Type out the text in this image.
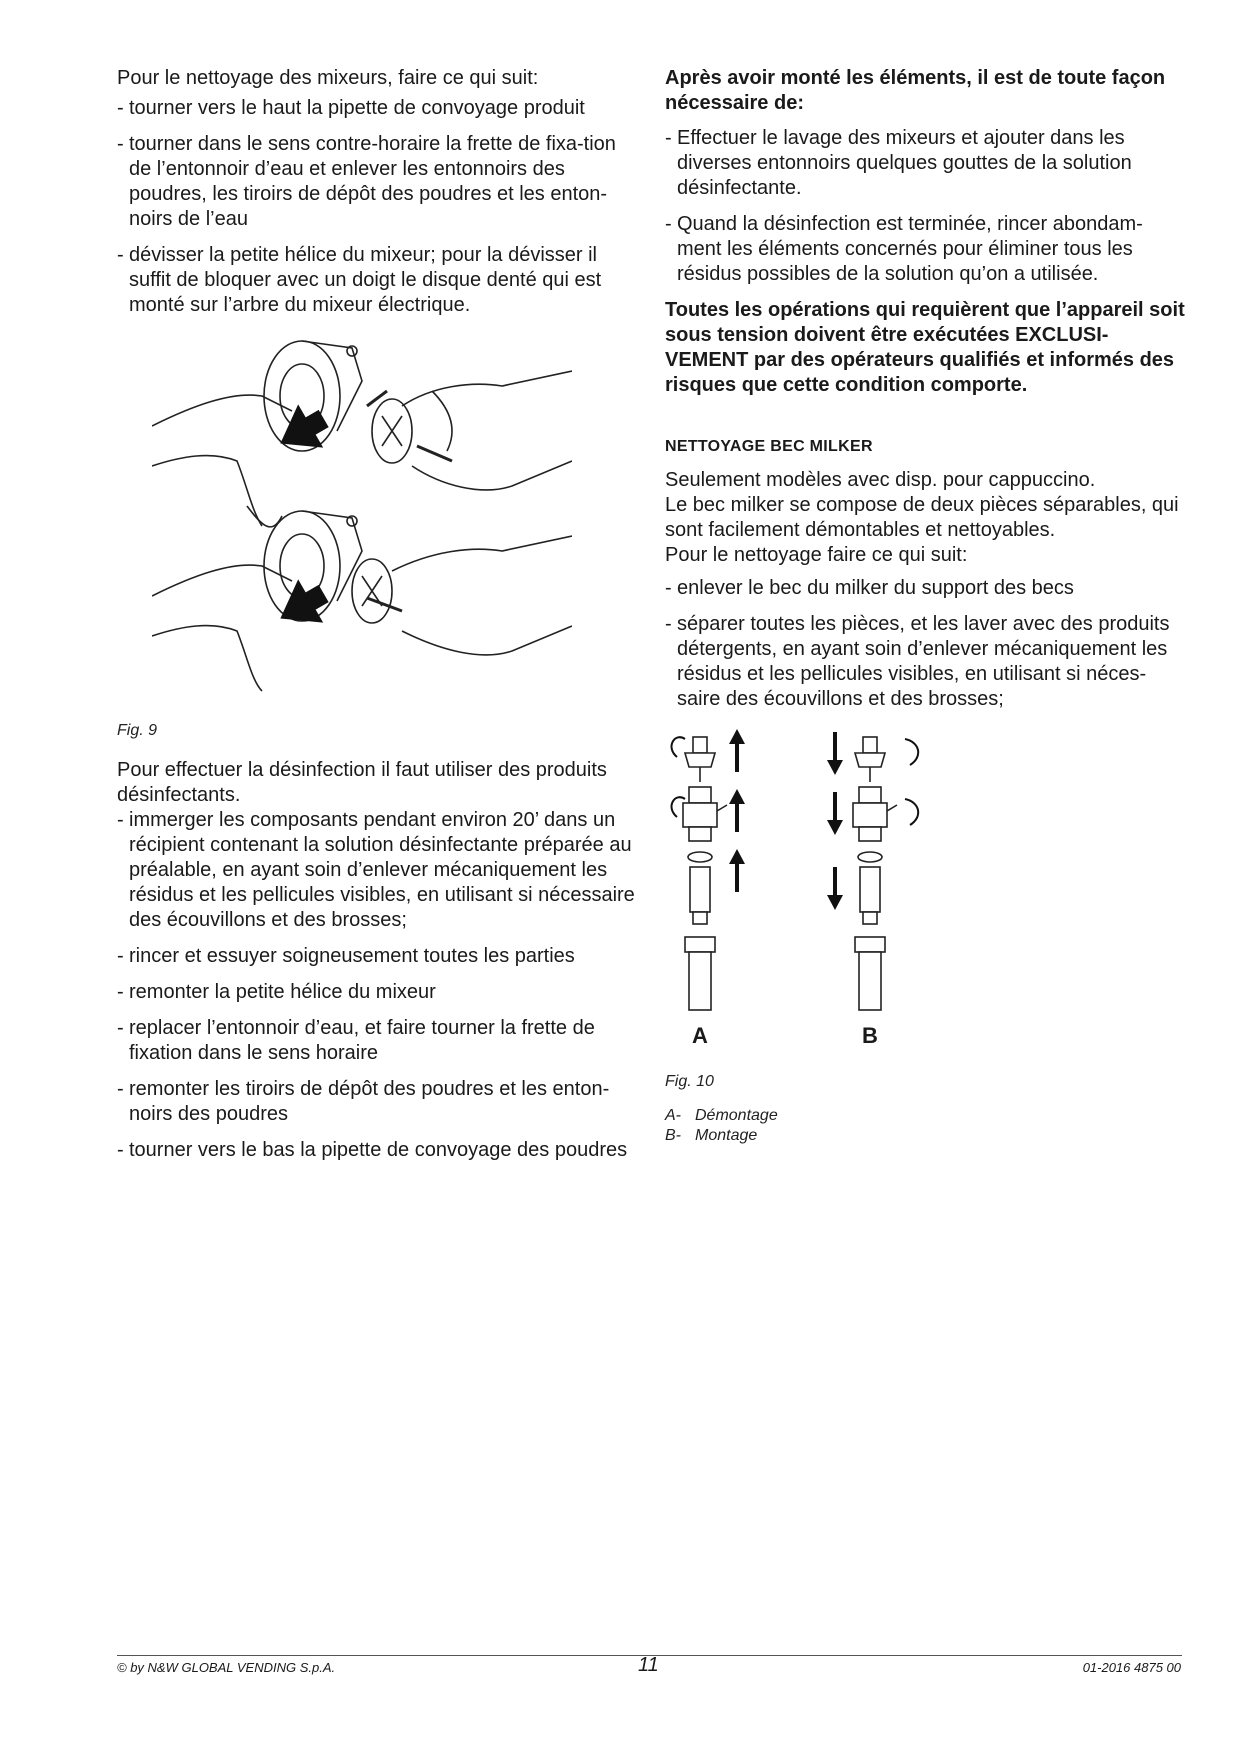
Pour le nettoyage des mixeurs, faire ce qui suit:

- tourner vers le haut la pipette de convoyage produit
- tourner dans le sens contre-horaire la frette de fixa-tion de l’entonnoir d’eau et enlever les entonnoirs des poudres, les tiroirs de dépôt des poudres et les enton-noirs de l’eau
- dévisser la petite hélice du mixeur; pour la dévisser il suffit de bloquer avec un doigt le disque denté qui est monté sur l’arbre du mixeur électrique.

Fig. 9

Pour effectuer la désinfection il faut utiliser des produits désinfectants.

- immerger les composants pendant environ 20’ dans un récipient contenant la solution désinfectante préparée au préalable, en ayant soin d’enlever mécaniquement les résidus et les pellicules visibles, en utilisant si nécessaire des écouvillons et des brosses;
- rincer et essuyer soigneusement toutes les parties
- remonter la petite hélice du mixeur
- replacer l’entonnoir d’eau, et faire tourner la frette de fixation dans le sens horaire
- remonter les tiroirs de dépôt des poudres et les enton-noirs des poudres
- tourner vers le bas la pipette de convoyage des poudres

Après avoir monté les éléments, il est de toute façon nécessaire de:

- Effectuer le lavage des mixeurs et ajouter dans les diverses entonnoirs quelques gouttes de la solution désinfectante.
- Quand la désinfection est terminée, rincer abondam-ment les éléments concernés pour éliminer tous les résidus possibles de la solution qu’on a utilisée.

Toutes les opérations qui requièrent que l’appareil soit sous tension doivent être exécutées EXCLUSI-VEMENT par des opérateurs qualifiés et informés des risques que cette condition comporte.

NETTOYAGE BEC MILKER

Seulement modèles avec disp. pour cappuccino.

Le bec milker se compose de deux pièces séparables, qui sont facilement démontables et nettoyables.

Pour le nettoyage faire ce qui suit:

- enlever le bec du milker du support des becs
- séparer toutes les pièces, et les laver avec des produits détergents, en ayant soin d’enlever mécaniquement les résidus et les pellicules visibles, en utilisant si néces-saire des écouvillons et des brosses;
A	B

Fig. 10

A- Démontage
B- Montage
© by N&W GLOBAL VENDING S.p.A.	11	01-2016 4875 00
